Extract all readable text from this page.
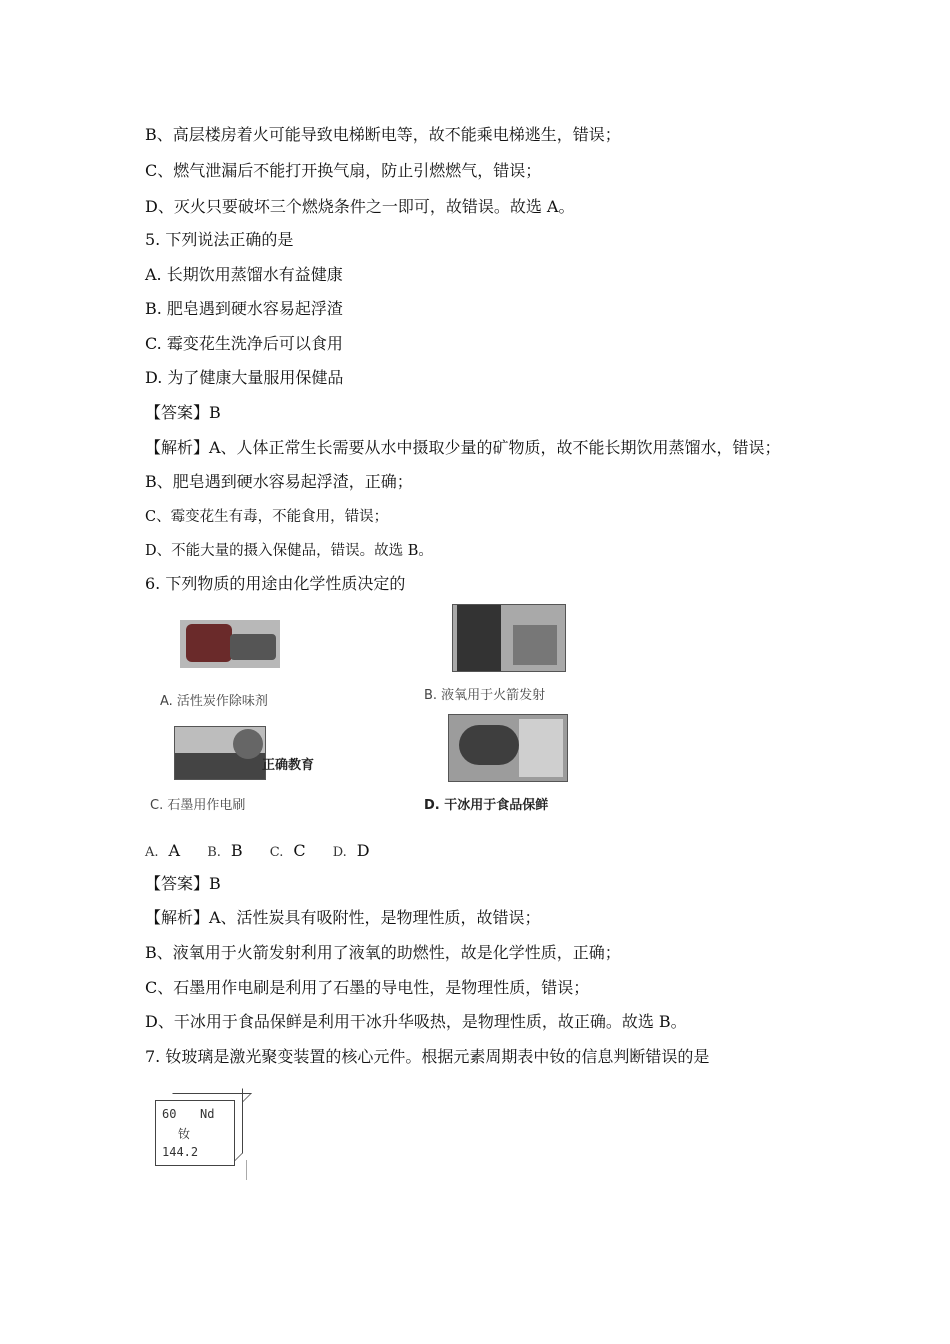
B、高层楼房着火可能导致电梯断电等，故不能乘电梯逃生，错误；
C、燃气泄漏后不能打开换气扇，防止引燃燃气，错误；
D、灭火只要破坏三个燃烧条件之一即可，故错误。故选 A。
5. 下列说法正确的是
A. 长期饮用蒸馏水有益健康
B. 肥皂遇到硬水容易起浮渣
C. 霉变花生洗净后可以食用
D. 为了健康大量服用保健品
【答案】B
【解析】A、人体正常生长需要从水中摄取少量的矿物质，故不能长期饮用蒸馏水，错误；
B、肥皂遇到硬水容易起浮渣，正确；
C、霉变花生有毒，不能食用，错误；
D、不能大量的摄入保健品，错误。故选 B。
6. 下列物质的用途由化学性质决定的
A. 活性炭作除味剂	B. 液氧用于火箭发射
正确教育
C. 石墨用作电刷	D. 干冰用于食品保鲜
A. A B. B C. C D. D
【答案】B
【解析】A、活性炭具有吸附性，是物理性质，故错误；
B、液氧用于火箭发射利用了液氧的助燃性，故是化学性质，正确；
C、石墨用作电刷是利用了石墨的导电性，是物理性质，错误；
D、干冰用于食品保鲜是利用干冰升华吸热，是物理性质，故正确。故选 B。
7. 钕玻璃是激光聚变装置的核心元件。根据元素周期表中钕的信息判断错误的是
60 Nd
钕
144.2
